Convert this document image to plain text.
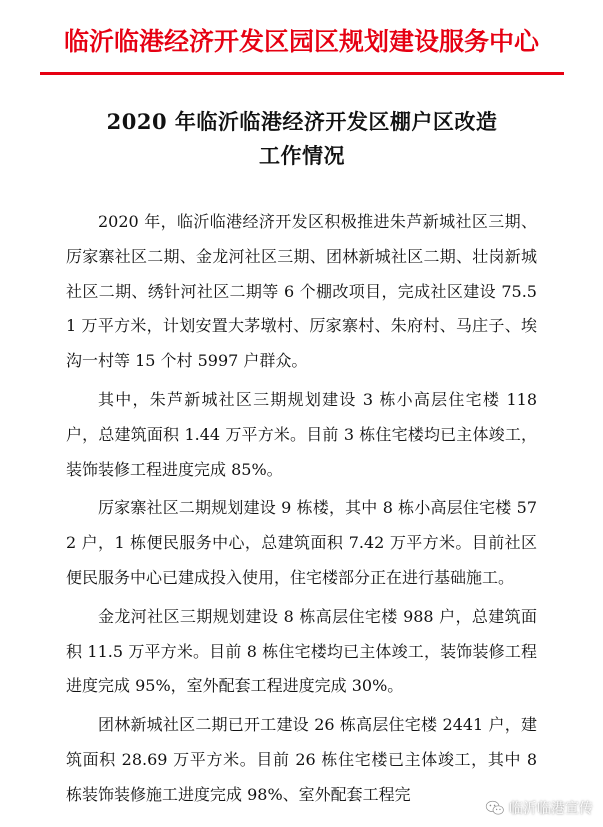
临沂临港经济开发区园区规划建设服务中心
2020 年临沂临港经济开发区棚户区改造
工作情况

2020 年，临沂临港经济开发区积极推进朱芦新城社区三期、厉家寨社区二期、金龙河社区三期、团林新城社区二期、壮岗新城社区二期、绣针河社区二期等 6 个棚改项目，完成社区建设 75.51 万平方米，计划安置大茅墩村、厉家寨村、朱府村、马庄子、埃沟一村等 15 个村 5997 户群众。

其中，朱芦新城社区三期规划建设 3 栋小高层住宅楼 118 户，总建筑面积 1.44 万平方米。目前 3 栋住宅楼均已主体竣工，装饰装修工程进度完成 85%。

厉家寨社区二期规划建设 9 栋楼，其中 8 栋小高层住宅楼 572 户，1 栋便民服务中心，总建筑面积 7.42 万平方米。目前社区便民服务中心已建成投入使用，住宅楼部分正在进行基础施工。

金龙河社区三期规划建设 8 栋高层住宅楼 988 户，总建筑面积 11.5 万平方米。目前 8 栋住宅楼均已主体竣工，装饰装修工程进度完成 95%，室外配套工程进度完成 30%。

团林新城社区二期已开工建设 26 栋高层住宅楼 2441 户，建筑面积 28.69 万平方米。目前 26 栋住宅楼已主体竣工，其中 8 栋装饰装修施工进度完成 98%、室外配套工程完

临沂临港宣传
